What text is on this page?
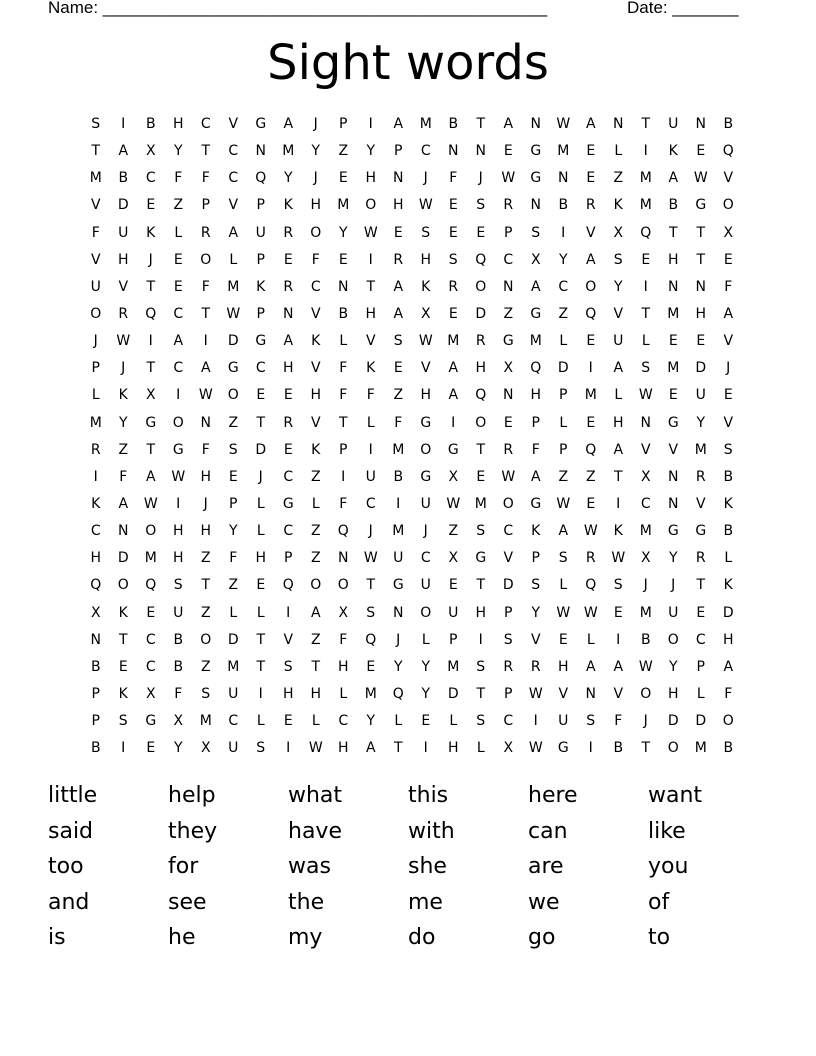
Name: _______________________________________________	Date: _______
Sight words
S	I	B	H	C	V	G	A	J	P	I	A	M	B	T	A	N	W	A	N	T	U	N	B
T	A	X	Y	T	C	N	M	Y	Z	Y	P	C	N	N	E	G	M	E	L	I	K	E	Q
M	B	C	F	F	C	Q	Y	J	E	H	N	J	F	J	W	G	N	E	Z	M	A	W	V
V	D	E	Z	P	V	P	K	H	M	O	H	W	E	S	R	N	B	R	K	M	B	G	O
F	U	K	L	R	A	U	R	O	Y	W	E	S	E	E	P	S	I	V	X	Q	T	T	X
V	H	J	E	O	L	P	E	F	E	I	R	H	S	Q	C	X	Y	A	S	E	H	T	E
U	V	T	E	F	M	K	R	C	N	T	A	K	R	O	N	A	C	O	Y	I	N	N	F
O	R	Q	C	T	W	P	N	V	B	H	A	X	E	D	Z	G	Z	Q	V	T	M	H	A
J	W	I	A	I	D	G	A	K	L	V	S	W	M	R	G	M	L	E	U	L	E	E	V
P	J	T	C	A	G	C	H	V	F	K	E	V	A	H	X	Q	D	I	A	S	M	D	J
L	K	X	I	W	O	E	E	H	F	F	Z	H	A	Q	N	H	P	M	L	W	E	U	E
M	Y	G	O	N	Z	T	R	V	T	L	F	G	I	O	E	P	L	E	H	N	G	Y	V
R	Z	T	G	F	S	D	E	K	P	I	M	O	G	T	R	F	P	Q	A	V	V	M	S
I	F	A	W	H	E	J	C	Z	I	U	B	G	X	E	W	A	Z	Z	T	X	N	R	B
K	A	W	I	J	P	L	G	L	F	C	I	U	W	M	O	G	W	E	I	C	N	V	K
C	N	O	H	H	Y	L	C	Z	Q	J	M	J	Z	S	C	K	A	W	K	M	G	G	B
H	D	M	H	Z	F	H	P	Z	N	W	U	C	X	G	V	P	S	R	W	X	Y	R	L
Q	O	Q	S	T	Z	E	Q	O	O	T	G	U	E	T	D	S	L	Q	S	J	J	T	K
X	K	E	U	Z	L	L	I	A	X	S	N	O	U	H	P	Y	W W	E	M	U	E	D
N	T	C	B	O	D	T	V	Z	F	Q	J	L	P	I	S	V	E	L	I	B	O	C	H
B	E	C	B	Z	M	T	S	T	H	E	Y	Y	M	S	R	R	H	A	A	W	Y	P	A
P	K	X	F	S	U	I	H	H	L	M	Q	Y	D	T	P	W	V	N	V	O	H	L	F
P	S	G	X	M	C	L	E	L	C	Y	L	E	L	S	C	I	U	S	F	J	D	D	O
B	I	E	Y	X	U	S	I	W	H	A	T	I	H	L	X	W	G	I	B	T	O	M	B
little	help	what	this	here	want
said	they	have	with	can	like
too	for	was	she	are	you
and	see	the	me	we	of
is	he	my	do	go	to
